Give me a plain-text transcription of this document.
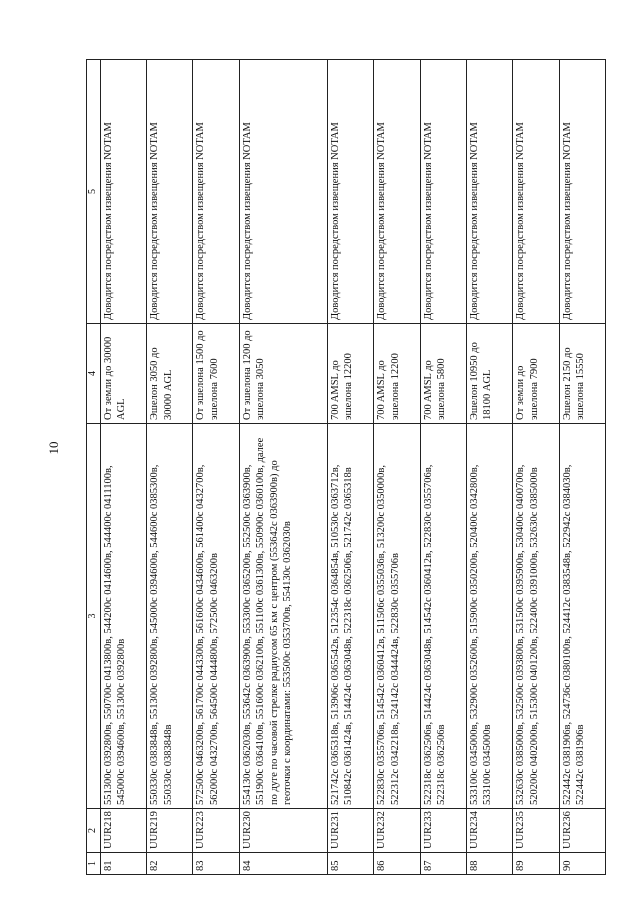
10
1	2	3	4	5
81	UUR218	551300с 0392800в, 550700с 0413800в, 544200с 0414600в, 544400с 0411100в, 545000с 0394600в, 551300с 0392800в	От земли до 30000 AGL	Доводится посредством извещения NOTAM
82	UUR219	550330с 0383848в, 551300с 0392800в, 545000с 0394600в, 544600с 0385300в, 550330с 0383848в	Эшелон 3050 до 30000 AGL	Доводится посредством извещения NOTAM
83	UUR223	572500с 0463200в, 561700с 0443300в, 561600с 0434600в, 561400с 0432700в, 562000с 0432700в, 564500с 0444800в, 572500с 0463200в	От эшелона 1500 до эшелона 7600	Доводится посредством извещения NOTAM
84	UUR230	554130с 0362030в, 553642с 0363900в, 553300с 0365200в, 552500с 0363900в, 551900с 0364100в, 551600с 0362100в, 551100с 0361300в, 550900с 0360100в, далее по дуге по часовой стрелке радиусом 65 км с центром (553642с 0363900в) до геоточки с координатами: 553500с 0353700в, 554130с 0362030в	От эшелона 1200 до эшелона 3050	Доводится посредством извещения NOTAM
85	UUR231	521742с 0365318в, 513906с 0365542в, 512354с 0364854в, 510530с 0363712в, 510842с 0361424в, 514424с 0363048в, 522318с 0362506в, 521742с 0365318в	700 AMSL до эшелона 12200	Доводится посредством извещения NOTAM
86	UUR232	522830с 0355706в, 514542с 0360412в, 511506с 0355036в, 513200с 0350000в, 522312с 0342218в, 524142с 0344424в, 522830с 0355706в	700 AMSL до эшелона 12200	Доводится посредством извещения NOTAM
87	UUR233	522318с 0362506в, 514424с 0363048в, 514542с 0360412в, 522830с 0355706в, 522318с 0362506в	700 AMSL до эшелона 5800	Доводится посредством извещения NOTAM
88	UUR234	533100с 0345000в, 532900с 0352600в, 515900с 0350200в, 520400с 0342800в, 533100с 0345000в	Эшелон 10950 до 18100 AGL	Доводится посредством извещения NOTAM
89	UUR235	532630с 0385000в, 532500с 0393800в, 531500с 0395900в, 530400с 0400700в, 520200с 0402000в, 515300с 0401200в, 522400с 0391000в, 532630с 0385000в	От земли до эшелона 7900	Доводится посредством извещения NOTAM
90	UUR236	522442с 0381906в, 524736с 0380100в, 524412с 0383548в, 522942с 0384030в, 522442с 0381906в	Эшелон 2150 до эшелона 15550	Доводится посредством извещения NOTAM
